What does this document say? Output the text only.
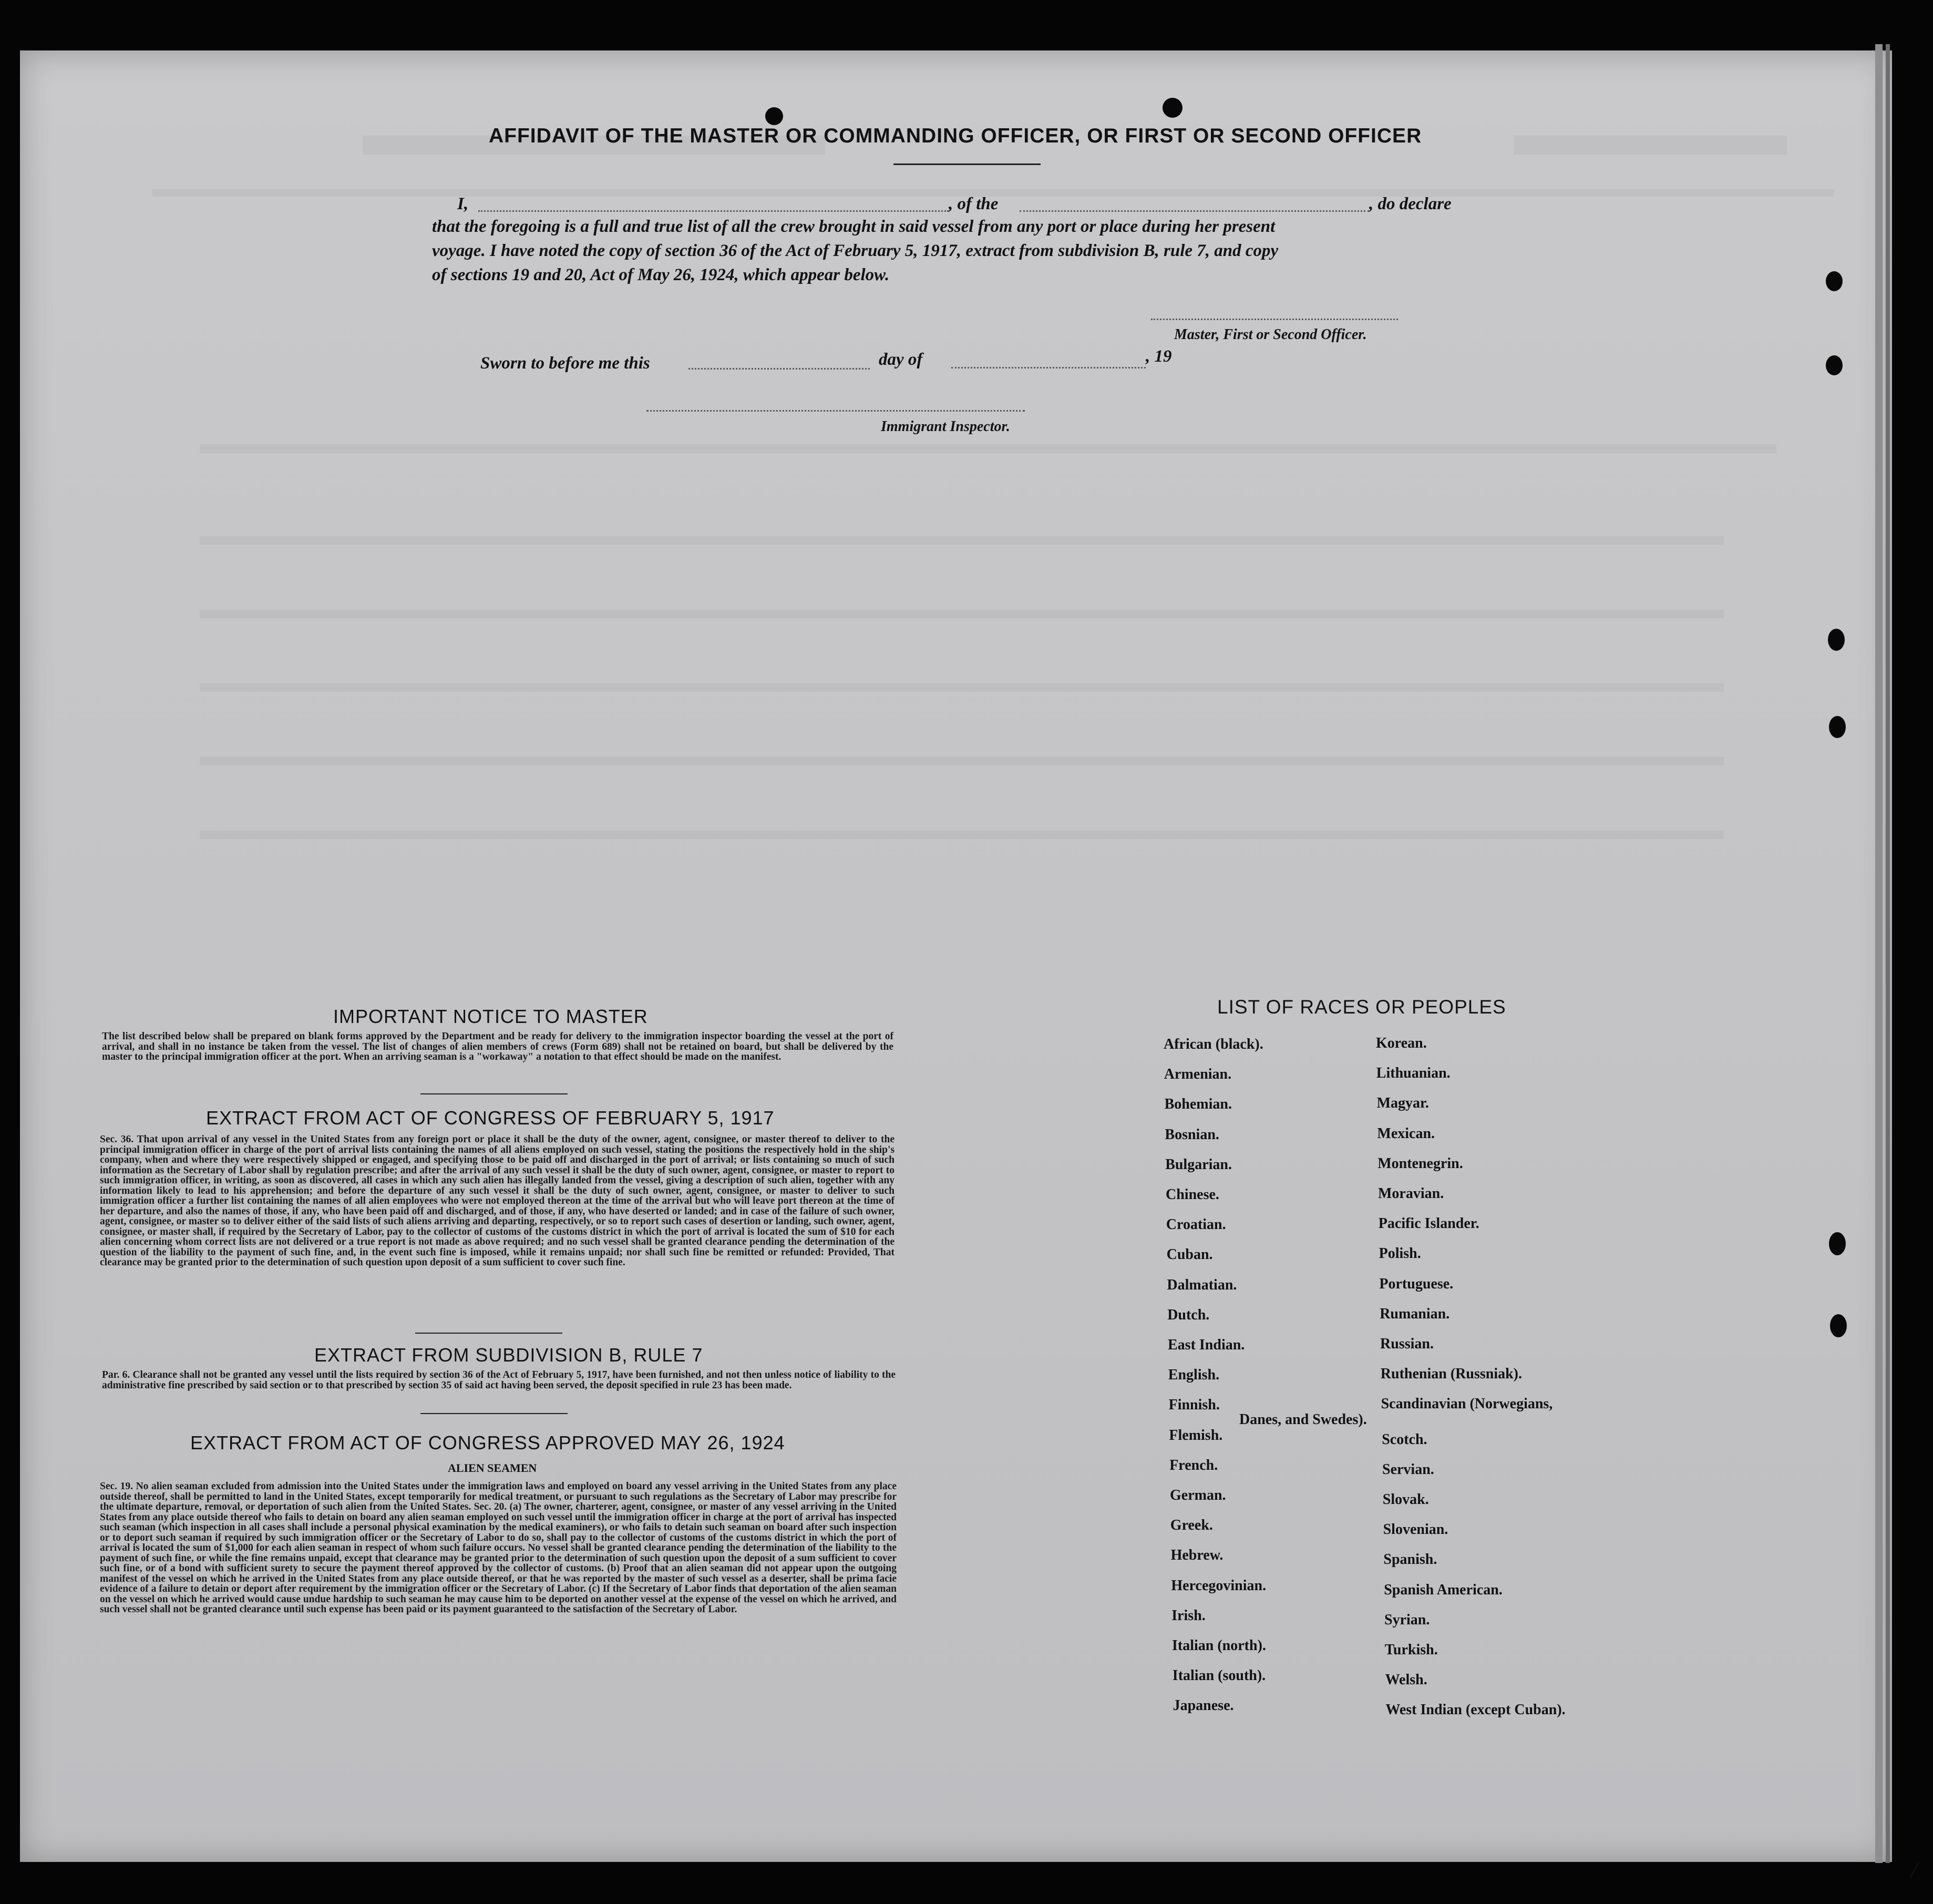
AFFIDAVIT OF THE MASTER OR COMMANDING OFFICER, OR FIRST OR SECOND OFFICER
I,	, of the	, do declare
that the foregoing is a full and true list of all the crew brought in said vessel from any port or place during her present
voyage. I have noted the copy of section 36 of the Act of February 5, 1917, extract from subdivision B, rule 7, and copy
of sections 19 and 20, Act of May 26, 1924, which appear below.
Master, First or Second Officer.
Sworn to before me this	day of	, 19
Immigrant Inspector.
IMPORTANT NOTICE TO MASTER
The list described below shall be prepared on blank forms approved by the Department and be ready for delivery to the immigration inspector boarding the vessel at the port of arrival, and shall in no instance be taken from the vessel. The list of changes of alien members of crews (Form 689) shall not be retained on board, but shall be delivered by the master to the principal immigration officer at the port. When an arriving seaman is a "workaway" a notation to that effect should be made on the manifest.
EXTRACT FROM ACT OF CONGRESS OF FEBRUARY 5, 1917
Sec. 36. That upon arrival of any vessel in the United States from any foreign port or place it shall be the duty of the owner, agent, consignee, or master thereof to deliver to the principal immigration officer in charge of the port of arrival lists containing the names of all aliens employed on such vessel, stating the positions the respectively hold in the ship's company, when and where they were respectively shipped or engaged, and specifying those to be paid off and discharged in the port of arrival; or lists containing so much of such information as the Secretary of Labor shall by regulation prescribe; and after the arrival of any such vessel it shall be the duty of such owner, agent, consignee, or master to report to such immigration officer, in writing, as soon as discovered, all cases in which any such alien has illegally landed from the vessel, giving a description of such alien, together with any information likely to lead to his apprehension; and before the departure of any such vessel it shall be the duty of such owner, agent, consignee, or master to deliver to such immigration officer a further list containing the names of all alien employees who were not employed thereon at the time of the arrival but who will leave port thereon at the time of her departure, and also the names of those, if any, who have been paid off and discharged, and of those, if any, who have deserted or landed; and in case of the failure of such owner, agent, consignee, or master so to deliver either of the said lists of such aliens arriving and departing, respectively, or so to report such cases of desertion or landing, such owner, agent, consignee, or master shall, if required by the Secretary of Labor, pay to the collector of customs of the customs district in which the port of arrival is located the sum of $10 for each alien concerning whom correct lists are not delivered or a true report is not made as above required; and no such vessel shall be granted clearance pending the determination of the question of the liability to the payment of such fine, and, in the event such fine is imposed, while it remains unpaid; nor shall such fine be remitted or refunded: Provided, That clearance may be granted prior to the determination of such question upon deposit of a sum sufficient to cover such fine.
EXTRACT FROM SUBDIVISION B, RULE 7
Par. 6. Clearance shall not be granted any vessel until the lists required by section 36 of the Act of February 5, 1917, have been furnished, and not then unless notice of liability to the administrative fine prescribed by said section or to that prescribed by section 35 of said act having been served, the deposit specified in rule 23 has been made.
EXTRACT FROM ACT OF CONGRESS APPROVED MAY 26, 1924
ALIEN SEAMEN
Sec. 19. No alien seaman excluded from admission into the United States under the immigration laws and employed on board any vessel arriving in the United States from any place outside thereof, shall be permitted to land in the United States, except temporarily for medical treatment, or pursuant to such regulations as the Secretary of Labor may prescribe for the ultimate departure, removal, or deportation of such alien from the United States. Sec. 20. (a) The owner, charterer, agent, consignee, or master of any vessel arriving in the United States from any place outside thereof who fails to detain on board any alien seaman employed on such vessel until the immigration officer in charge at the port of arrival has inspected such seaman (which inspection in all cases shall include a personal physical examination by the medical examiners), or who fails to detain such seaman on board after such inspection or to deport such seaman if required by such immigration officer or the Secretary of Labor to do so, shall pay to the collector of customs of the customs district in which the port of arrival is located the sum of $1,000 for each alien seaman in respect of whom such failure occurs. No vessel shall be granted clearance pending the determination of the liability to the payment of such fine, or while the fine remains unpaid, except that clearance may be granted prior to the determination of such question upon the deposit of a sum sufficient to cover such fine, or of a bond with sufficient surety to secure the payment thereof approved by the collector of customs. (b) Proof that an alien seaman did not appear upon the outgoing manifest of the vessel on which he arrived in the United States from any place outside thereof, or that he was reported by the master of such vessel as a deserter, shall be prima facie evidence of a failure to detain or deport after requirement by the immigration officer or the Secretary of Labor. (c) If the Secretary of Labor finds that deportation of the alien seaman on the vessel on which he arrived would cause undue hardship to such seaman he may cause him to be deported on another vessel at the expense of the vessel on which he arrived, and such vessel shall not be granted clearance until such expense has been paid or its payment guaranteed to the satisfaction of the Secretary of Labor.
LIST OF RACES OR PEOPLES
African (black).
Armenian.
Bohemian.
Bosnian.
Bulgarian.
Chinese.
Croatian.
Cuban.
Dalmatian.
Dutch.
East Indian.
English.
Finnish.
Flemish.
French.
German.
Greek.
Hebrew.
Hercegovinian.
Irish.
Italian (north).
Italian (south).
Japanese.
Korean.
Lithuanian.
Magyar.
Mexican.
Montenegrin.
Moravian.
Pacific Islander.
Polish.
Portuguese.
Rumanian.
Russian.
Ruthenian (Russniak).
Scandinavian (Norwegians,
Danes, and Swedes).
Scotch.
Servian.
Slovak.
Slovenian.
Spanish.
Spanish American.
Syrian.
Turkish.
Welsh.
West Indian (except Cuban).
/
